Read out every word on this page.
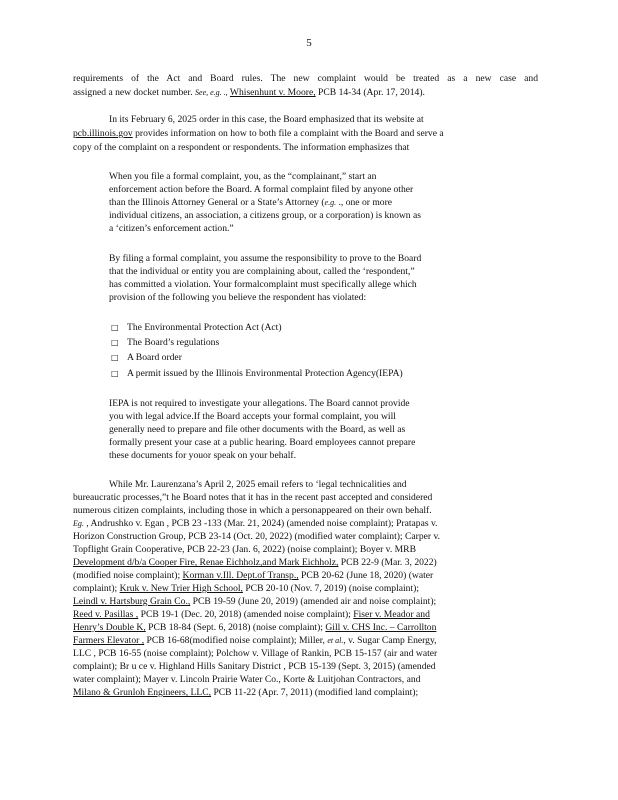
5
requirements of the Act and Board rules. The new complaint would be treated as a new case and
assigned a new docket number. See, e.g. ., Whisenhunt v. Moore, PCB 14-34 (Apr. 17, 2014).
In its February 6, 2025 order in this case, the Board emphasized that its website at
pcb.illinois.gov provides information on how to both file a complaint with the Board and serve a
copy of the complaint on a respondent or respondents. The information emphasizes that
When you file a formal complaint, you, as the “complainant,” start an
enforcement action before the Board. A formal complaint filed by anyone other
than the Illinois Attorney General or a State’s Attorney (e.g. ., one or more
individual citizens, an association, a citizens group, or a corporation) is known as
a ‘citizen’s enforcement action.”
By filing a formal complaint, you assume the responsibility to prove to the Board
that the individual or entity you are complaining about, called the ‘respondent,”
has committed a violation. Your formalcomplaint must specifically allege which
provision of the following you believe the respondent has violated:
□ The Environmental Protection Act (Act)
□ The Board’s regulations
□ A Board order
□ A permit issued by the Illinois Environmental Protection Agency(IEPA)
IEPA is not required to investigate your allegations. The Board cannot provide
you with legal advice.If the Board accepts your formal complaint, you will
generally need to prepare and file other documents with the Board, as well as
formally present your case at a public hearing. Board employees cannot prepare
these documents for youor speak on your behalf.
While Mr. Laurenzana’s April 2, 2025 email refers to ‘legal technicalities and
bureaucratic processes,”t he Board notes that it has in the recent past accepted and considered
numerous citizen complaints, including those in which a personappeared on their own behalf.
Eg. , Andrushko v. Egan , PCB 23 -133 (Mar. 21, 2024) (amended noise complaint); Pratapas v.
Horizon Construction Group, PCB 23-14 (Oct. 20, 2022) (modified water complaint); Carper v.
Topflight Grain Cooperative, PCB 22-23 (Jan. 6, 2022) (noise complaint); Boyer v. MRB
Development d/b/a Cooper Fire, Renae Eichholz,and Mark Eichholz, PCB 22-9 (Mar. 3, 2022)
(modified noise complaint); Korman v.Ill. Dept.of Transp., PCB 20-62 (June 18, 2020) (water
complaint); Kruk v. New Trier High School, PCB 20-10 (Nov. 7, 2019) (noise complaint);
Leindl v. Hartsburg Grain Co., PCB 19-59 (June 20, 2019) (amended air and noise complaint);
Reed v. Pasillas , PCB 19-1 (Dec. 20, 2018) (amended noise complaint); Fiser v. Meador and
Henry’s Double K, PCB 18-84 (Sept. 6, 2018) (noise complaint); Gill v. CHS Inc. – Carrollton
Farmers Elevator , PCB 16-68(modified noise complaint); Miller, et al., v. Sugar Camp Energy,
LLC , PCB 16-55 (noise complaint); Polchow v. Village of Rankin, PCB 15-157 (air and water
complaint); Br u ce v. Highland Hills Sanitary District , PCB 15-139 (Sept. 3, 2015) (amended
water complaint); Mayer v. Lincoln Prairie Water Co., Korte & Luitjohan Contractors, and
Milano & Grunloh Engineers, LLC, PCB 11-22 (Apr. 7, 2011) (modified land complaint);
